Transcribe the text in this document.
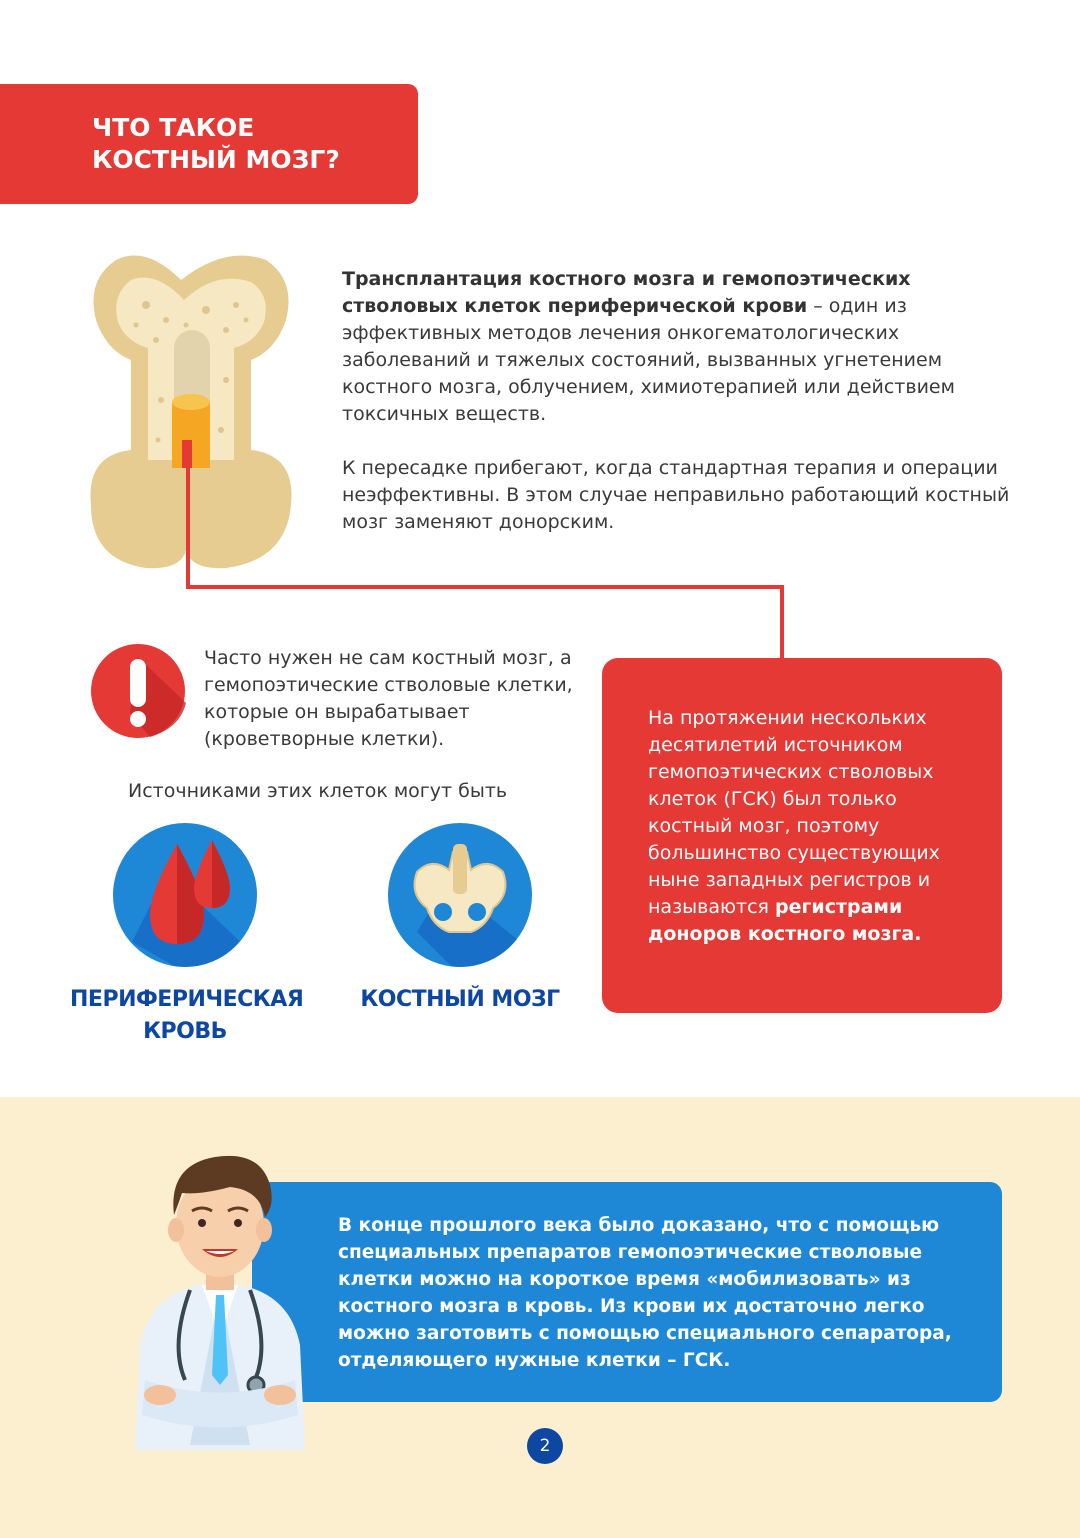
ЧТО ТАКОЕ
КОСТНЫЙ МОЗГ?

Трансплантация костного мозга и гемопоэтических стволовых клеток периферической крови – один из эффективных методов лечения онкогематологических заболеваний и тяжелых состояний, вызванных угнетением костного мозга, облучением, химиотерапией или действием токсичных веществ.

К пересадке прибегают, когда стандартная терапия и операции неэффективны. В этом случае неправильно работающий костный мозг заменяют донорским.

Часто нужен не сам костный мозг, а гемопоэтические стволовые клетки, которые он вырабатывает (кроветворные клетки).
Источниками этих клеток могут быть
ПЕРИФЕРИЧЕСКАЯ
КРОВЬ
КОСТНЫЙ МОЗГ
На протяжении нескольких десятилетий источником гемопоэтических стволовых клеток (ГСК) был только костный мозг, поэтому большинство существующих ныне западных регистров и называются регистрами доноров костного мозга.
В конце прошлого века было доказано, что с помощью специальных препаратов гемопоэтические стволовые клетки можно на короткое время «мобилизовать» из костного мозга в кровь. Из крови их достаточно легко можно заготовить с помощью специального сепаратора, отделяющего нужные клетки – ГСК.
2
